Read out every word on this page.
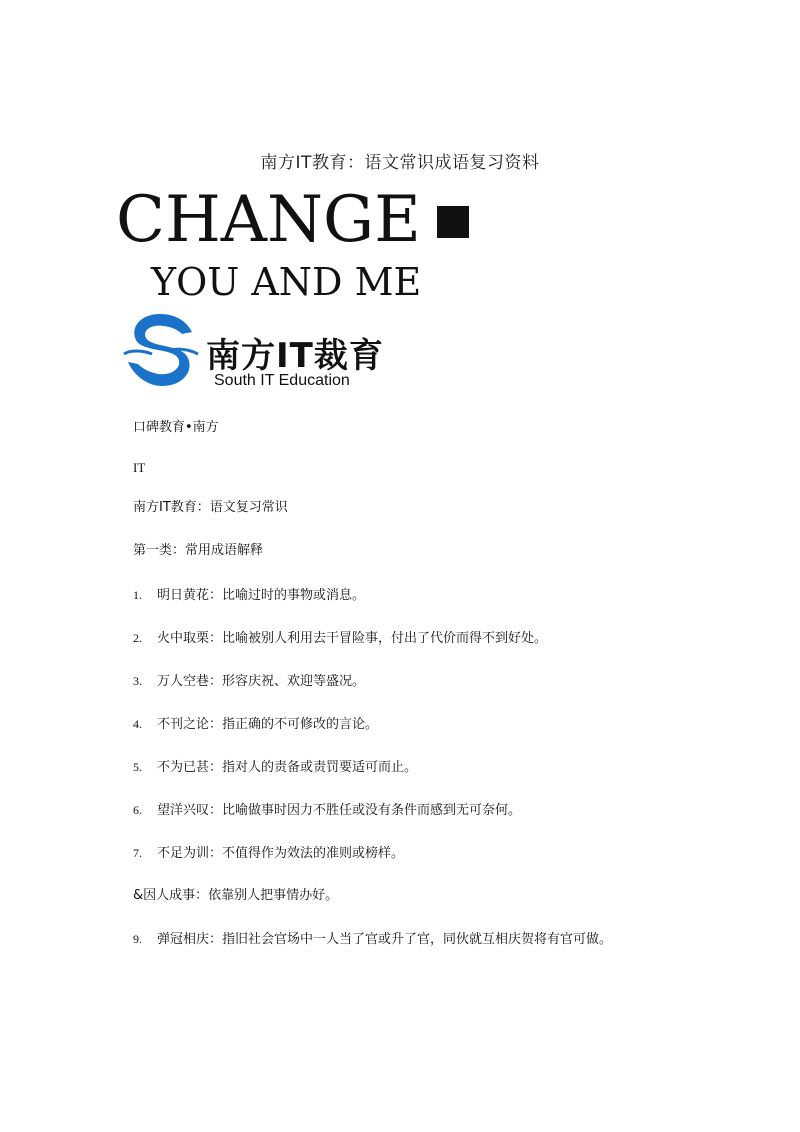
南方IT教育：语文常识成语复习资料
CHANGE
YOU AND ME
南方IT裁育
South IT Education
口碑教育•南方
IT
南方IT教育：语文复习常识
第一类：常用成语解释
1. 明日黄花：比喻过时的事物或消息。
2. 火中取栗：比喻被别人利用去干冒险事，付出了代价而得不到好处。
3. 万人空巷：形容庆祝、欢迎等盛况。
4. 不刊之论：指正确的不可修改的言论。
5. 不为已甚：指对人的责备或责罚要适可而止。
6. 望洋兴叹：比喻做事时因力不胜任或没有条件而感到无可奈何。
7. 不足为训：不值得作为效法的准则或榜样。
&因人成事：依靠别人把事情办好。
9. 弹冠相庆：指旧社会官场中一人当了官或升了官，同伙就互相庆贺将有官可做。
